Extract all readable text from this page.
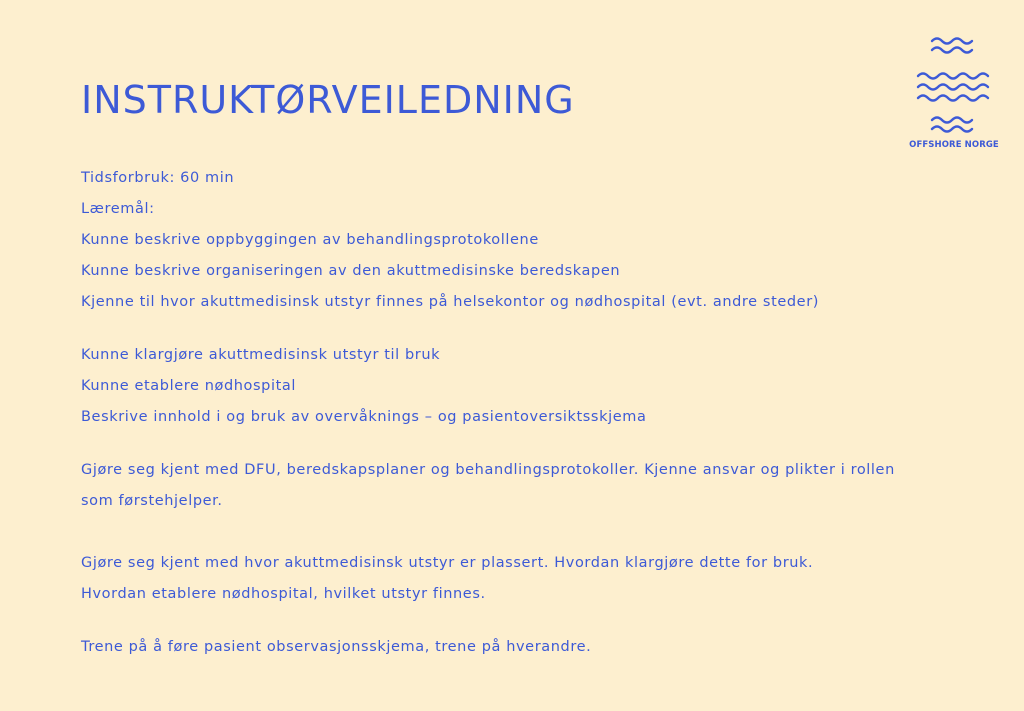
INSTRUKTØRVEILEDNING
OFFSHORE NORGE
Tidsforbruk: 60 min
Læremål:
Kunne beskrive oppbyggingen av behandlingsprotokollene
Kunne beskrive organiseringen av den akuttmedisinske beredskapen
Kjenne til hvor akuttmedisinsk utstyr finnes på helsekontor og nødhospital (evt. andre steder)
Kunne klargjøre akuttmedisinsk utstyr til bruk
Kunne etablere nødhospital
Beskrive innhold i og bruk av overvåknings – og pasientoversiktsskjema
Gjøre seg kjent med DFU, beredskapsplaner og behandlingsprotokoller. Kjenne ansvar og plikter i rollen
som førstehjelper.
Gjøre seg kjent med hvor akuttmedisinsk utstyr er plassert. Hvordan klargjøre dette for bruk.
Hvordan etablere nødhospital, hvilket utstyr finnes.
Trene på å føre pasient observasjonsskjema, trene på hverandre.
